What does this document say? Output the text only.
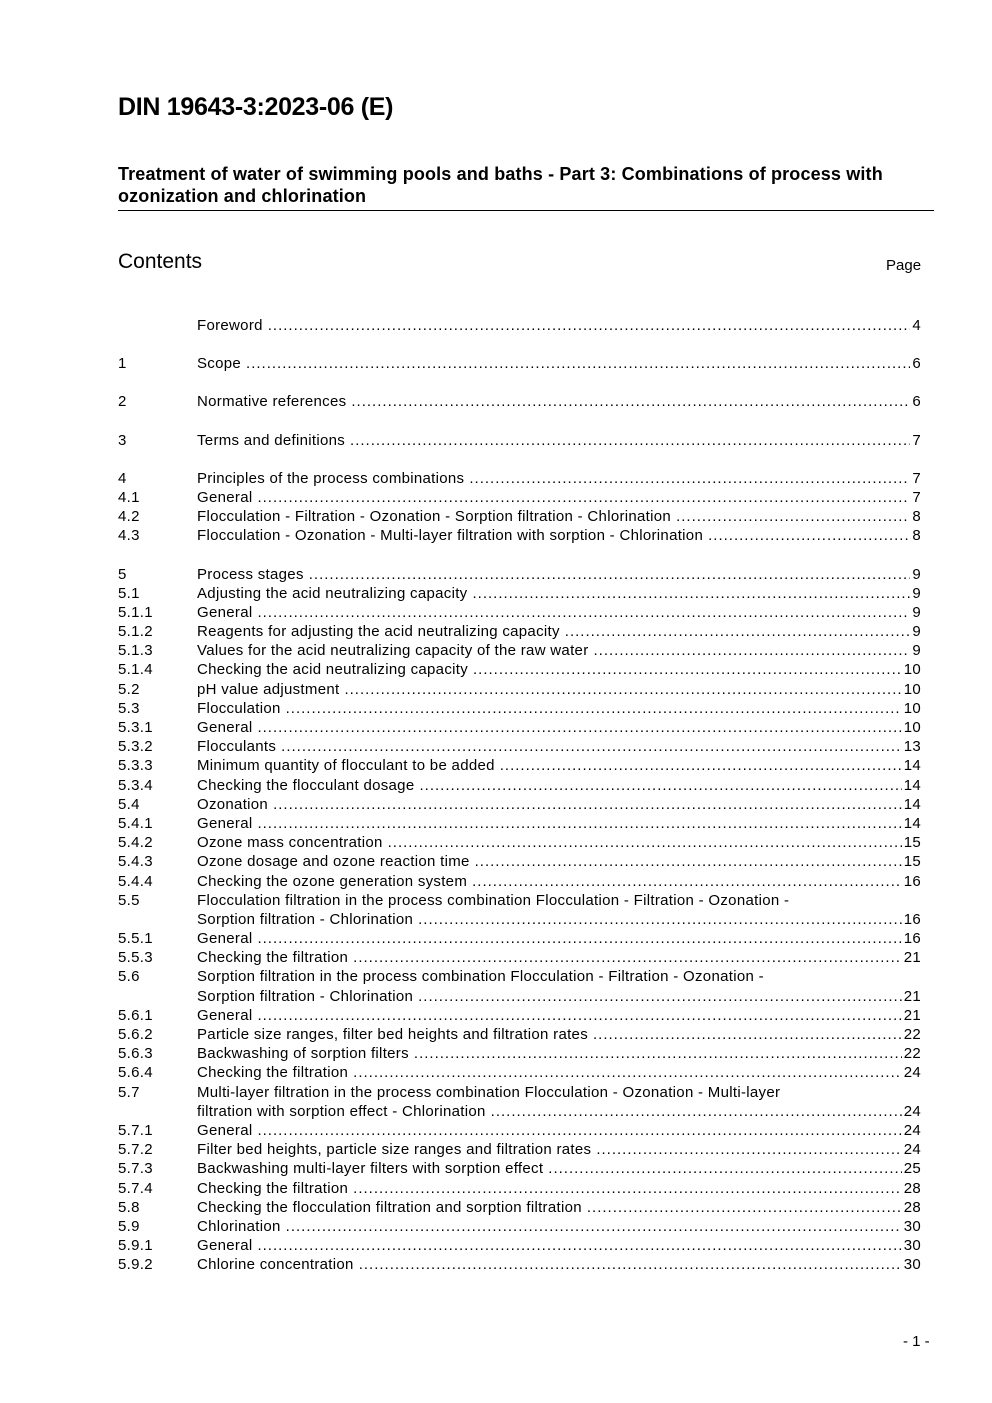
DIN 19643-3:2023-06 (E)
Treatment of water of swimming pools and baths - Part 3: Combinations of process with ozonization and chlorination
Contents	Page
Foreword .....	4
1	Scope .....	6
2	Normative references .....	6
3	Terms and definitions .....	7
4	Principles of the process combinations .....	7
4.1	General .....	7
4.2	Flocculation - Filtration - Ozonation - Sorption filtration - Chlorination .....	8
4.3	Flocculation - Ozonation - Multi-layer filtration with sorption - Chlorination .....	8
5	Process stages .....	9
5.1	Adjusting the acid neutralizing capacity .....	9
5.1.1	General .....	9
5.1.2	Reagents for adjusting the acid neutralizing capacity .....	9
5.1.3	Values for the acid neutralizing capacity of the raw water .....	9
5.1.4	Checking the acid neutralizing capacity .....	10
5.2	pH value adjustment .....	10
5.3	Flocculation .....	10
5.3.1	General .....	10
5.3.2	Flocculants .....	13
5.3.3	Minimum quantity of flocculant to be added .....	14
5.3.4	Checking the flocculant dosage .....	14
5.4	Ozonation .....	14
5.4.1	General .....	14
5.4.2	Ozone mass concentration .....	15
5.4.3	Ozone dosage and ozone reaction time .....	15
5.4.4	Checking the ozone generation system .....	16
5.5	Flocculation filtration in the process combination Flocculation - Filtration - Ozonation -
Sorption filtration - Chlorination .....	16
5.5.1	General .....	16
5.5.3	Checking the filtration .....	21
5.6	Sorption filtration in the process combination Flocculation - Filtration - Ozonation -
Sorption filtration - Chlorination .....	21
5.6.1	General .....	21
5.6.2	Particle size ranges, filter bed heights and filtration rates .....	22
5.6.3	Backwashing of sorption filters .....	22
5.6.4	Checking the filtration .....	24
5.7	Multi-layer filtration in the process combination Flocculation - Ozonation - Multi-layer
filtration with sorption effect - Chlorination .....	24
5.7.1	General .....	24
5.7.2	Filter bed heights, particle size ranges and filtration rates .....	24
5.7.3	Backwashing multi-layer filters with sorption effect .....	25
5.7.4	Checking the filtration .....	28
5.8	Checking the flocculation filtration and sorption filtration .....	28
5.9	Chlorination .....	30
5.9.1	General .....	30
5.9.2	Chlorine concentration .....	30
- 1 -
